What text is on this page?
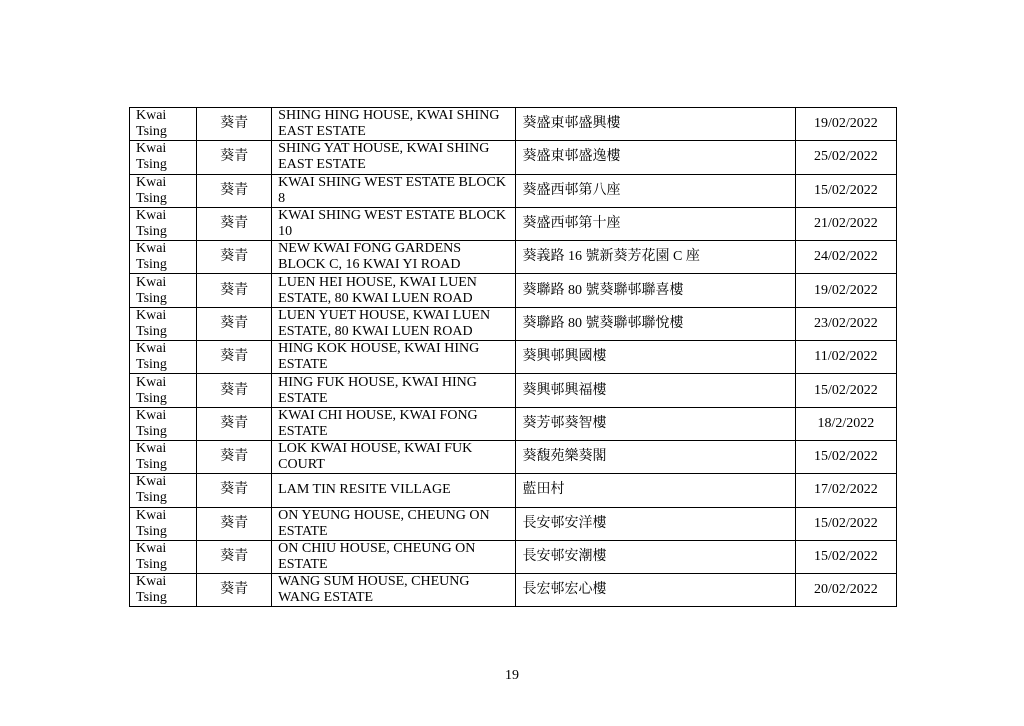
Kwai Tsing	葵青	SHING HING HOUSE, KWAI SHING EAST ESTATE	葵盛東邨盛興樓	19/02/2022
Kwai Tsing	葵青	SHING YAT HOUSE, KWAI SHING EAST ESTATE	葵盛東邨盛逸樓	25/02/2022
Kwai Tsing	葵青	KWAI SHING WEST ESTATE BLOCK 8	葵盛西邨第八座	15/02/2022
Kwai Tsing	葵青	KWAI SHING WEST ESTATE BLOCK 10	葵盛西邨第十座	21/02/2022
Kwai Tsing	葵青	NEW KWAI FONG GARDENS BLOCK C, 16 KWAI YI ROAD	葵義路 16 號新葵芳花園 C 座	24/02/2022
Kwai Tsing	葵青	LUEN HEI HOUSE, KWAI LUEN ESTATE, 80 KWAI LUEN ROAD	葵聯路 80 號葵聯邨聯喜樓	19/02/2022
Kwai Tsing	葵青	LUEN YUET HOUSE, KWAI LUEN ESTATE, 80 KWAI LUEN ROAD	葵聯路 80 號葵聯邨聯悅樓	23/02/2022
Kwai Tsing	葵青	HING KOK HOUSE, KWAI HING ESTATE	葵興邨興國樓	11/02/2022
Kwai Tsing	葵青	HING FUK HOUSE, KWAI HING ESTATE	葵興邨興福樓	15/02/2022
Kwai Tsing	葵青	KWAI CHI HOUSE, KWAI FONG ESTATE	葵芳邨葵智樓	18/2/2022
Kwai Tsing	葵青	LOK KWAI HOUSE, KWAI FUK COURT	葵馥苑樂葵閣	15/02/2022
Kwai Tsing	葵青	LAM TIN RESITE VILLAGE	藍田村	17/02/2022
Kwai Tsing	葵青	ON YEUNG HOUSE, CHEUNG ON ESTATE	長安邨安洋樓	15/02/2022
Kwai Tsing	葵青	ON CHIU HOUSE, CHEUNG ON ESTATE	長安邨安潮樓	15/02/2022
Kwai Tsing	葵青	WANG SUM HOUSE, CHEUNG WANG ESTATE	長宏邨宏心樓	20/02/2022
19
